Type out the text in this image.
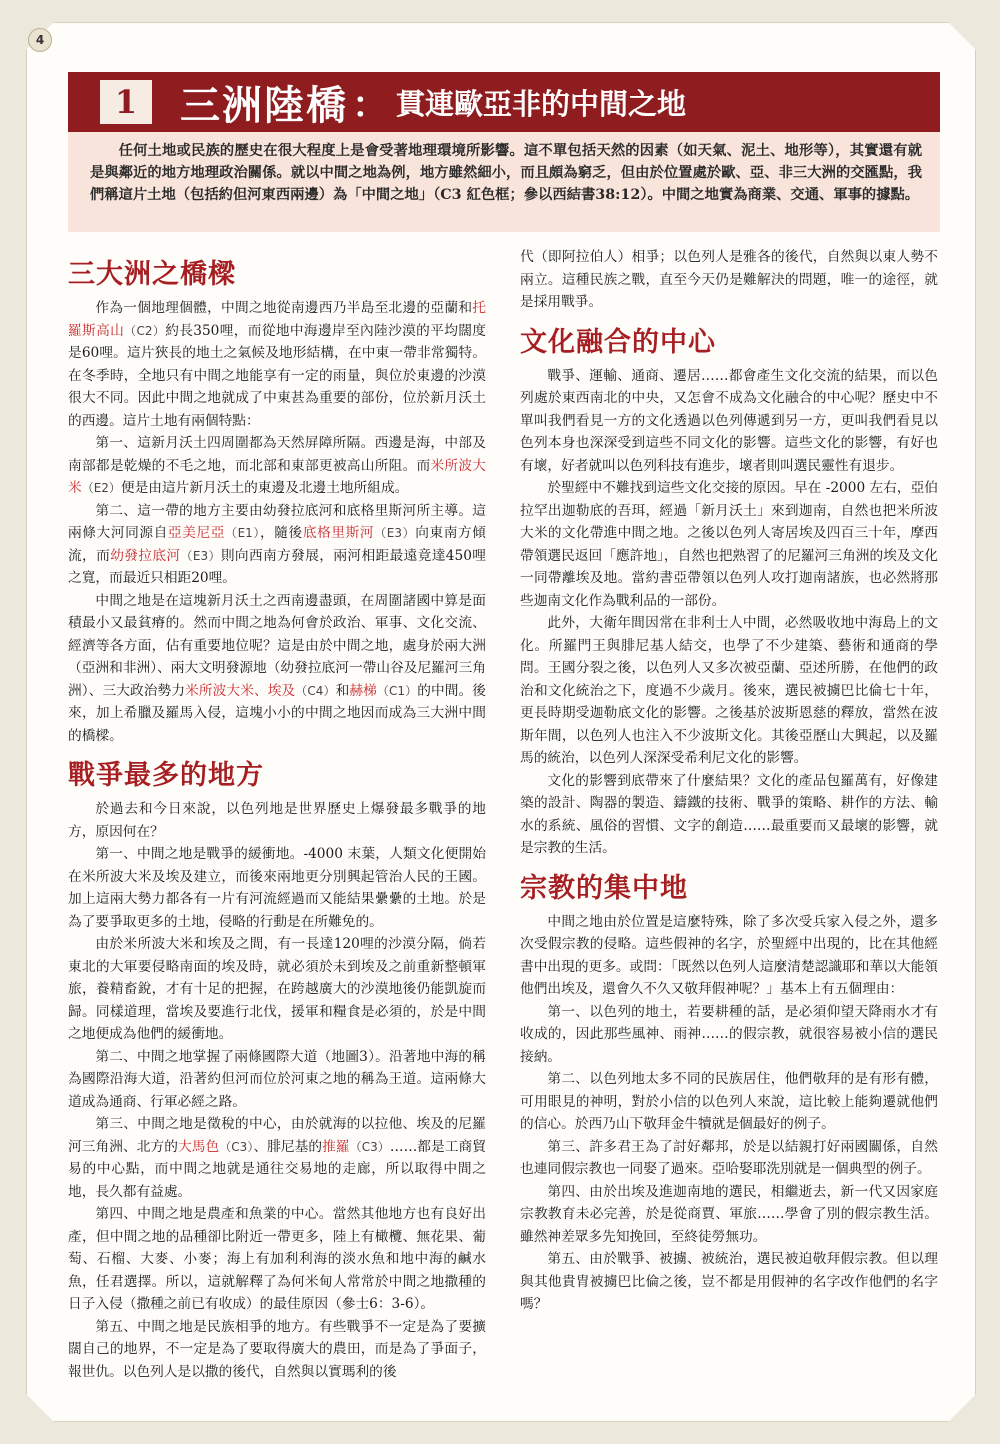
4
1	三洲陸橋 ： 貫連歐亞非的中間之地
任何土地或民族的歷史在很大程度上是會受著地理環境所影響。這不單包括天然的因素（如天氣、泥土、地形等），其實還有就是與鄰近的地方地理政治關係。就以中間之地為例，地方雖然細小，而且頗為窮乏，但由於位置處於歐、亞、非三大洲的交匯點，我們稱這片土地（包括約但河東西兩邊）為「中間之地」（C3 紅色框；參以西結書38:12）。中間之地實為商業、交通、軍事的據點。
三大洲之橋樑

作為一個地理個體，中間之地從南邊西乃半島至北邊的亞蘭和托羅斯高山（C2）約長350哩，而從地中海邊岸至內陸沙漠的平均闊度是60哩。這片狹長的地土之氣候及地形結構，在中東一帶非常獨特。在冬季時，全地只有中間之地能享有一定的雨量，與位於東邊的沙漠很大不同。因此中間之地就成了中東甚為重要的部份，位於新月沃土的西邊。這片土地有兩個特點：

第一、這新月沃土四周圍都為天然屏障所隔。西邊是海，中部及南部都是乾燥的不毛之地，而北部和東部更被高山所阻。而米所波大米（E2）便是由這片新月沃土的東邊及北邊土地所組成。

第二、這一帶的地方主要由幼發拉底河和底格里斯河所主導。這兩條大河同源自亞美尼亞（E1），隨後底格里斯河（E3）向東南方傾流，而幼發拉底河（E3）則向西南方發展，兩河相距最遠竟達450哩之寬，而最近只相距20哩。

中間之地是在這塊新月沃土之西南邊盡頭，在周圍諸國中算是面積最小又最貧瘠的。然而中間之地為何會於政治、軍事、文化交流、經濟等各方面，佔有重要地位呢？這是由於中間之地，處身於兩大洲（亞洲和非洲）、兩大文明發源地（幼發拉底河一帶山谷及尼羅河三角洲）、三大政治勢力米所波大米、埃及（C4）和赫梯（C1）的中間。後來，加上希臘及羅馬入侵，這塊小小的中間之地因而成為三大洲中間的橋樑。

戰爭最多的地方

於過去和今日來說，以色列地是世界歷史上爆發最多戰爭的地方，原因何在？

第一、中間之地是戰爭的緩衝地。-4000 末葉，人類文化便開始在米所波大米及埃及建立，而後來兩地更分別興起管治人民的王國。加上這兩大勢力都各有一片有河流經過而又能結果纍纍的土地。於是為了要爭取更多的土地，侵略的行動是在所難免的。

由於米所波大米和埃及之間，有一長達120哩的沙漠分隔，倘若東北的大軍要侵略南面的埃及時，就必須於未到埃及之前重新整頓軍旅，養精畜銳，才有十足的把握，在跨越廣大的沙漠地後仍能凱旋而歸。同樣道理，當埃及要進行北伐，援軍和糧食是必須的，於是中間之地便成為他們的緩衝地。

第二、中間之地掌握了兩條國際大道（地圖3）。沿著地中海的稱為國際沿海大道，沿著約但河而位於河東之地的稱為王道。這兩條大道成為通商、行軍必經之路。

第三、中間之地是徵稅的中心，由於就海的以拉他、埃及的尼羅河三角洲、北方的大馬色（C3）、腓尼基的推羅（C3）……都是工商貿易的中心點，而中間之地就是通往交易地的走廊，所以取得中間之地，長久都有益處。

第四、中間之地是農產和魚業的中心。當然其他地方也有良好出產，但中間之地的品種卻比附近一帶更多，陸上有橄欖、無花果、葡萄、石榴、大麥、小麥；海上有加利利海的淡水魚和地中海的鹹水魚，任君選擇。所以，這就解釋了為何米甸人常常於中間之地撒種的日子入侵（撒種之前已有收成）的最佳原因（參士6：3-6）。

第五、中間之地是民族相爭的地方。有些戰爭不一定是為了要擴闊自己的地界，不一定是為了要取得廣大的農田，而是為了爭面子，報世仇。以色列人是以撒的後代，自然與以實瑪利的後

代（即阿拉伯人）相爭；以色列人是雅各的後代，自然與以東人勢不兩立。這種民族之戰，直至今天仍是難解決的問題，唯一的途徑，就是採用戰爭。

文化融合的中心

戰爭、運輸、通商、遷居……都會產生文化交流的結果，而以色列處於東西南北的中央，又怎會不成為文化融合的中心呢？歷史中不單叫我們看見一方的文化透過以色列傳遞到另一方，更叫我們看見以色列本身也深深受到這些不同文化的影響。這些文化的影響，有好也有壞，好者就叫以色列科技有進步，壞者則叫選民靈性有退步。

於聖經中不難找到這些文化交接的原因。早在 -2000 左右，亞伯拉罕出迦勒底的吾珥，經過「新月沃土」來到迦南，自然也把米所波大米的文化帶進中間之地。之後以色列人寄居埃及四百三十年，摩西帶領選民返回「應許地」，自然也把熟習了的尼羅河三角洲的埃及文化一同帶離埃及地。當約書亞帶領以色列人攻打迦南諸族，也必然將那些迦南文化作為戰利品的一部份。

此外，大衛年間因常在非利士人中間，必然吸收地中海島上的文化。所羅門王與腓尼基人結交，也學了不少建築、藝術和通商的學問。王國分裂之後，以色列人又多次被亞蘭、亞述所勝，在他們的政治和文化統治之下，度過不少歲月。後來，選民被擄巴比倫七十年，更長時期受迦勒底文化的影響。之後基於波斯恩慈的釋放，當然在波斯年間，以色列人也注入不少波斯文化。其後亞歷山大興起，以及羅馬的統治，以色列人深深受希利尼文化的影響。

文化的影響到底帶來了什麼結果？文化的產品包羅萬有，好像建築的設計、陶器的製造、鑄鐵的技術、戰爭的策略、耕作的方法、輸水的系統、風俗的習慣、文字的創造……最重要而又最壞的影響，就是宗教的生活。

宗教的集中地

中間之地由於位置是這麼特殊，除了多次受兵家入侵之外，還多次受假宗教的侵略。這些假神的名字，於聖經中出現的，比在其他經書中出現的更多。或問：「既然以色列人這麼清楚認識耶和華以大能領他們出埃及，還會久不久又敬拜假神呢？」基本上有五個理由：

第一、以色列的地土，若要耕種的話，是必須仰望天降雨水才有收成的，因此那些風神、雨神……的假宗教，就很容易被小信的選民接納。

第二、以色列地太多不同的民族居住，他們敬拜的是有形有體，可用眼見的神明，對於小信的以色列人來說，這比較上能夠遷就他們的信心。於西乃山下敬拜金牛犢就是個最好的例子。

第三、許多君王為了討好鄰邦，於是以結親打好兩國關係，自然也連同假宗教也一同娶了過來。亞哈娶耶洗別就是一個典型的例子。

第四、由於出埃及進迦南地的選民，相繼逝去，新一代又因家庭宗教教育未必完善，於是從商賈、軍旅……學會了別的假宗教生活。雖然神差眾多先知挽回，至終徒勞無功。

第五、由於戰爭、被擄、被統治，選民被迫敬拜假宗教。但以理與其他貴胄被擄巴比倫之後，豈不都是用假神的名字改作他們的名字嗎？
